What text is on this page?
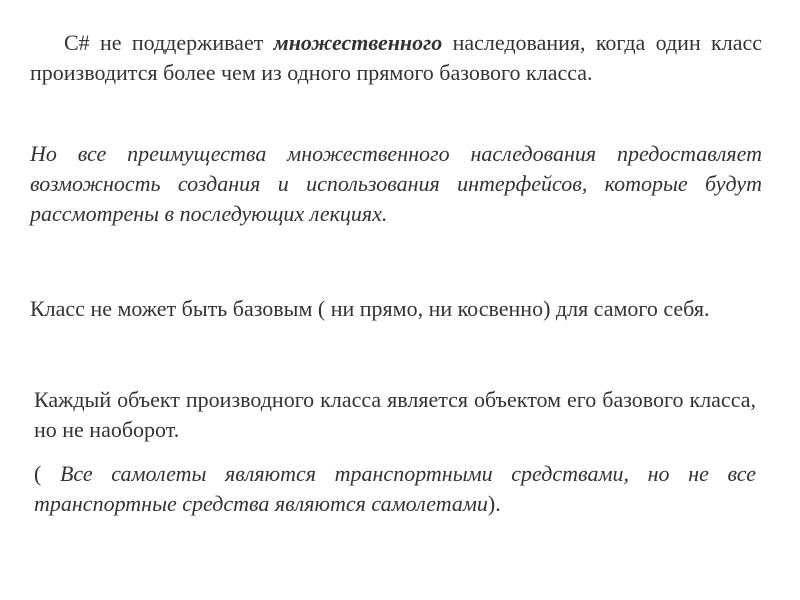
C# не поддерживает множественного наследования, когда один класс производится более чем из одного прямого базового класса.

Но все преимущества множественного наследования предоставляет возможность создания и использования интерфейсов, которые будут рассмотрены в последующих лекциях.

Класс не может быть базовым ( ни прямо, ни косвенно) для самого себя.

Каждый объект производного класса является объектом его базового класса, но не наоборот.

( Все самолеты являются транспортными средствами, но не все транспортные средства являются самолетами).
